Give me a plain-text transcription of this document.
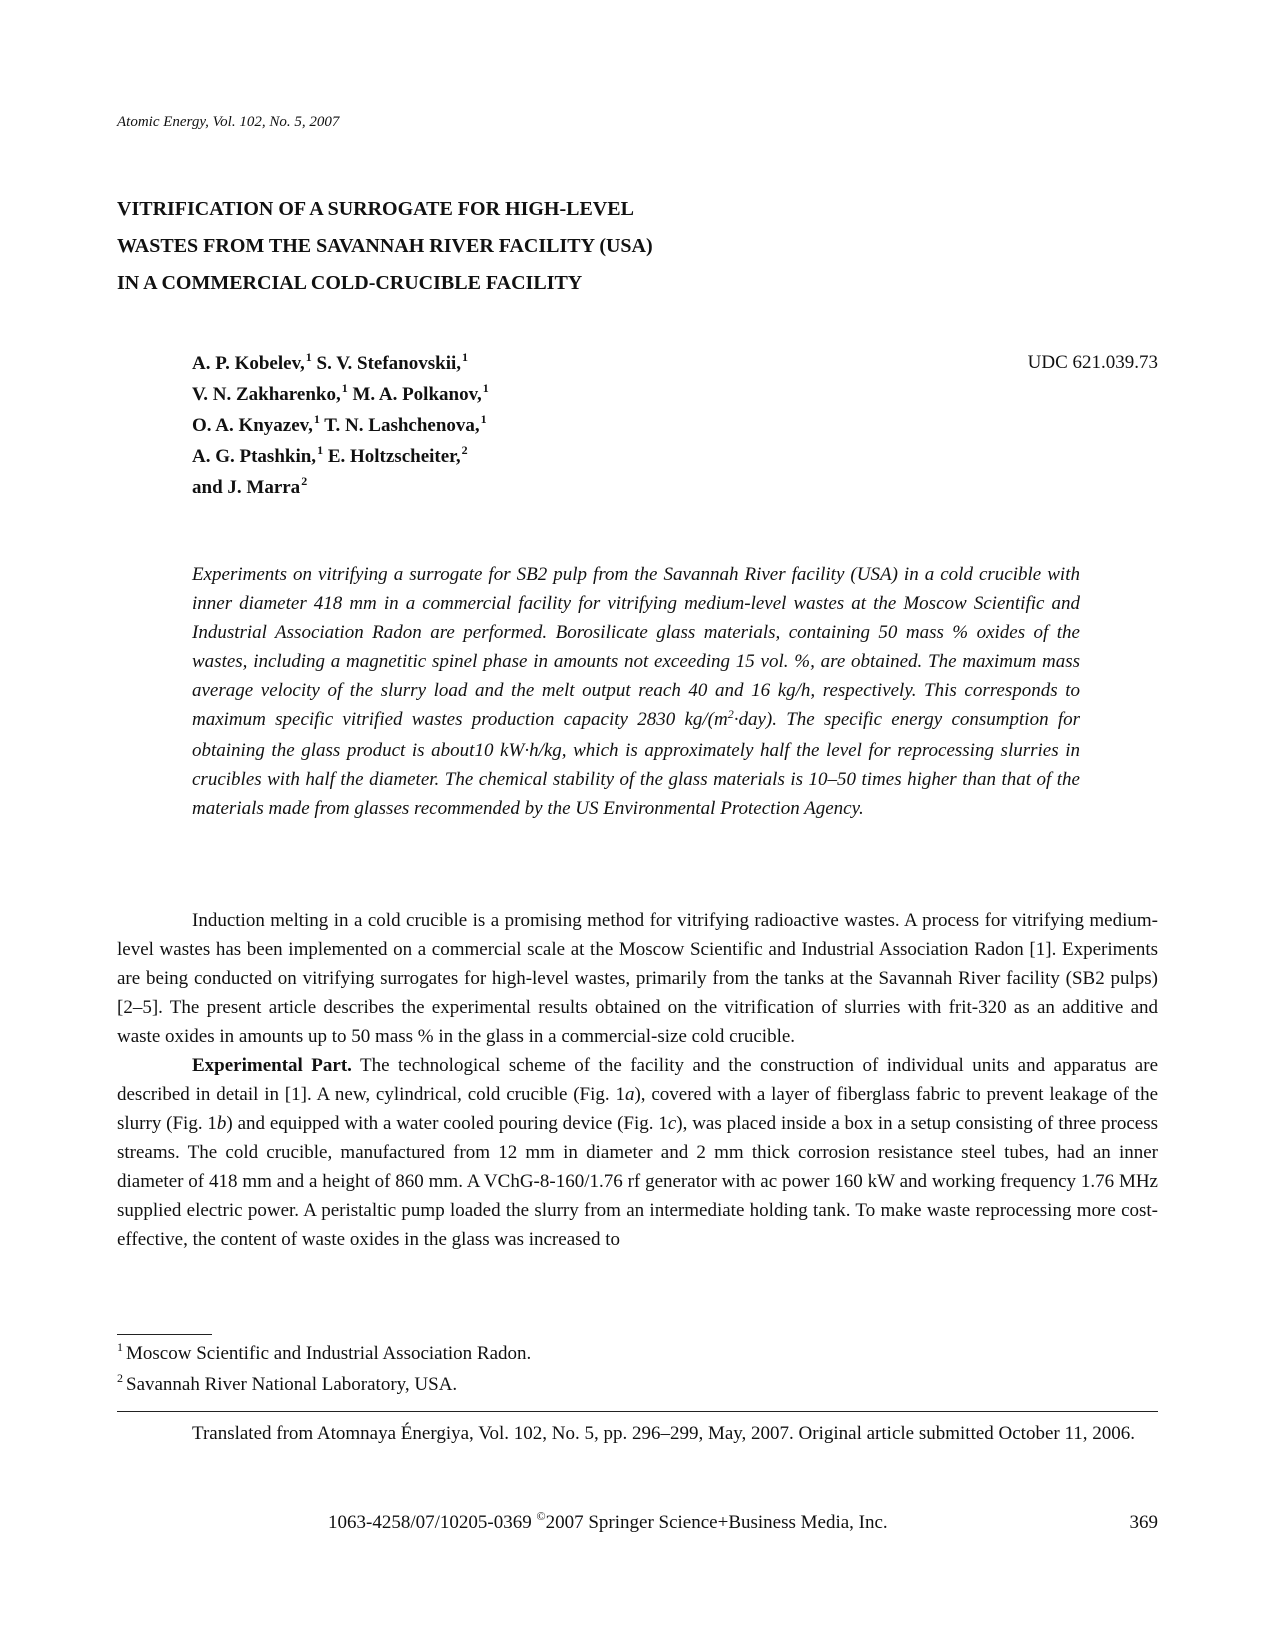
Atomic Energy, Vol. 102, No. 5, 2007
VITRIFICATION OF A SURROGATE FOR HIGH-LEVEL
WASTES FROM THE SAVANNAH RIVER FACILITY (USA)
IN A COMMERCIAL COLD-CRUCIBLE FACILITY
A. P. Kobelev,$^1$ S. V. Stefanovskii,$^1$
V. N. Zakharenko,$^1$ M. A. Polkanov,$^1$
O. A. Knyazev,$^1$ T. N. Lashchenova,$^1$
A. G. Ptashkin,$^1$ E. Holtzscheiter,$^2$
and J. Marra$^2$
UDC 621.039.73
Experiments on vitrifying a surrogate for SB2 pulp from the Savannah River facility (USA) in a cold crucible with inner diameter 418 mm in a commercial facility for vitrifying medium-level wastes at the Moscow Scientific and Industrial Association Radon are performed. Borosilicate glass materials, containing 50 mass % oxides of the wastes, including a magnetitic spinel phase in amounts not exceeding 15 vol. %, are obtained. The maximum mass average velocity of the slurry load and the melt output reach 40 and 16 kg/h, respectively. This corresponds to maximum specific vitrified wastes production capacity 2830 $kg/(m^2\cdot day)$. The specific energy consumption for obtaining the glass product is about10 kW·h/kg, which is approximately half the level for reprocessing slurries in crucibles with half the diameter. The chemical stability of the glass materials is 10–50 times higher than that of the materials made from glasses recommended by the US Environmental Protection Agency.

Induction melting in a cold crucible is a promising method for vitrifying radioactive wastes. A process for vitrifying medium-level wastes has been implemented on a commercial scale at the Moscow Scientific and Industrial Association Radon [1]. Experiments are being conducted on vitrifying surrogates for high-level wastes, primarily from the tanks at the Savannah River facility (SB2 pulps) [2–5]. The present article describes the experimental results obtained on the vitrification of slurries with frit-320 as an additive and waste oxides in amounts up to 50 mass % in the glass in a commercial-size cold crucible.

Experimental Part. The technological scheme of the facility and the construction of individual units and apparatus are described in detail in [1]. A new, cylindrical, cold crucible (Fig. 1a), covered with a layer of fiberglass fabric to prevent leakage of the slurry (Fig. 1b) and equipped with a water cooled pouring device (Fig. 1c), was placed inside a box in a setup consisting of three process streams. The cold crucible, manufactured from 12 mm in diameter and 2 mm thick corrosion resistance steel tubes, had an inner diameter of 418 mm and a height of 860 mm. A VChG-8-160/1.76 rf generator with ac power 160 kW and working frequency 1.76 MHz supplied electric power. A peristaltic pump loaded the slurry from an intermediate holding tank. To make waste reprocessing more cost-effective, the content of waste oxides in the glass was increased to

$^1$ Moscow Scientific and Industrial Association Radon.
$^2$ Savannah River National Laboratory, USA.
Translated from Atomnaya Énergiya, Vol. 102, No. 5, pp. 296–299, May, 2007. Original article submitted October 11, 2006.
1063-4258/07/10205-0369 ©2007 Springer Science+Business Media, Inc.	369
